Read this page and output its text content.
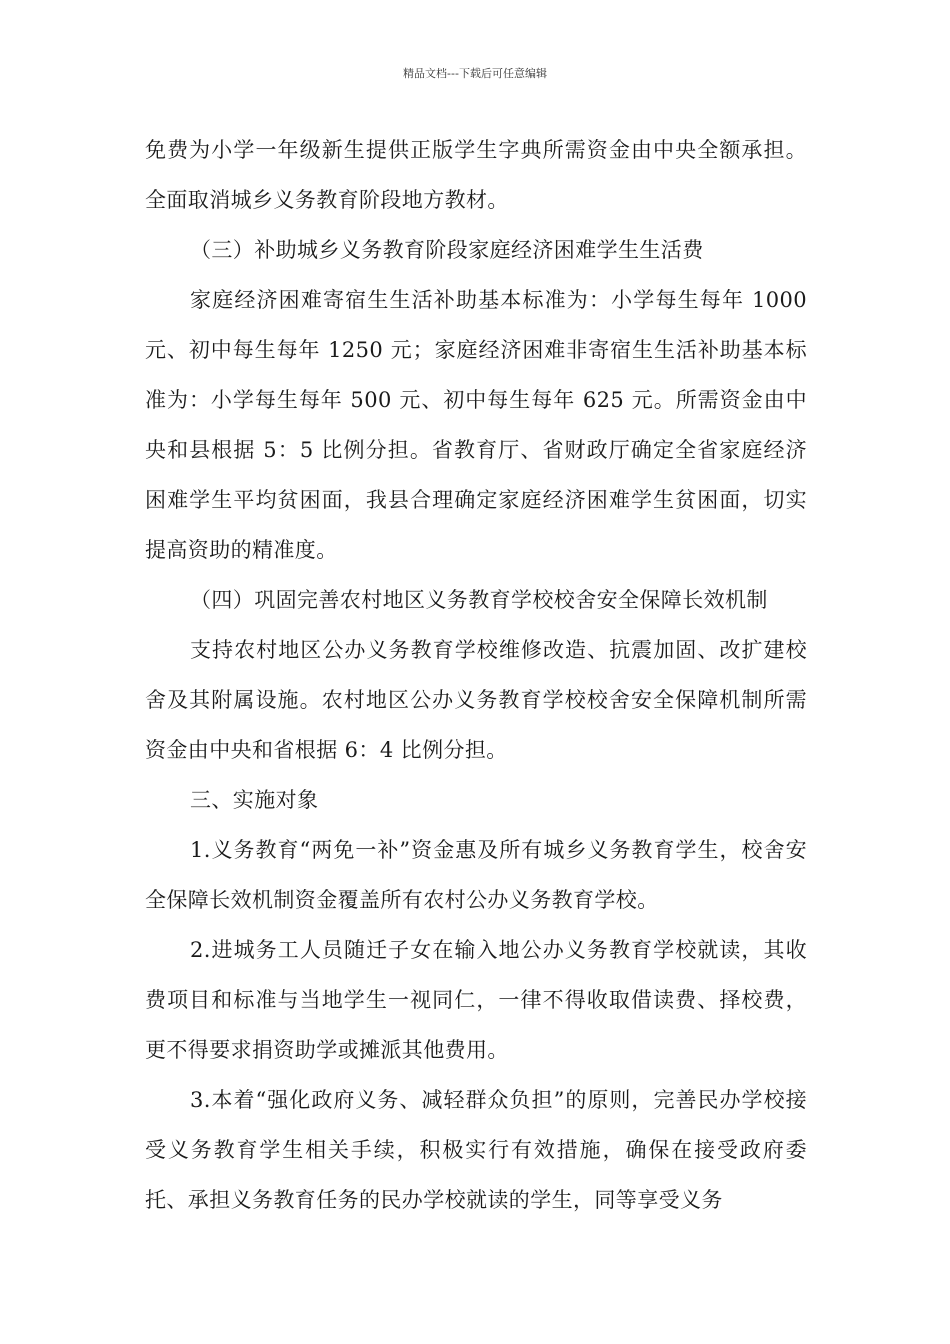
精品文档---下载后可任意编辑

免费为小学一年级新生提供正版学生字典所需资金由中央全额承担。全面取消城乡义务教育阶段地方教材。

（三）补助城乡义务教育阶段家庭经济困难学生生活费

家庭经济困难寄宿生生活补助基本标准为：小学每生每年 1000 元、初中每生每年 1250 元；家庭经济困难非寄宿生生活补助基本标准为：小学每生每年 500 元、初中每生每年 625 元。所需资金由中央和县根据 5：5 比例分担。省教育厅、省财政厅确定全省家庭经济困难学生平均贫困面，我县合理确定家庭经济困难学生贫困面，切实提高资助的精准度。

（四）巩固完善农村地区义务教育学校校舍安全保障长效机制

支持农村地区公办义务教育学校维修改造、抗震加固、改扩建校舍及其附属设施。农村地区公办义务教育学校校舍安全保障机制所需资金由中央和省根据 6：4 比例分担。

三、实施对象

1.义务教育“两免一补”资金惠及所有城乡义务教育学生，校舍安全保障长效机制资金覆盖所有农村公办义务教育学校。

2.进城务工人员随迁子女在输入地公办义务教育学校就读，其收费项目和标准与当地学生一视同仁，一律不得收取借读费、择校费，更不得要求捐资助学或摊派其他费用。

3.本着“强化政府义务、减轻群众负担”的原则，完善民办学校接受义务教育学生相关手续，积极实行有效措施，确保在接受政府委托、承担义务教育任务的民办学校就读的学生，同等享受义务
